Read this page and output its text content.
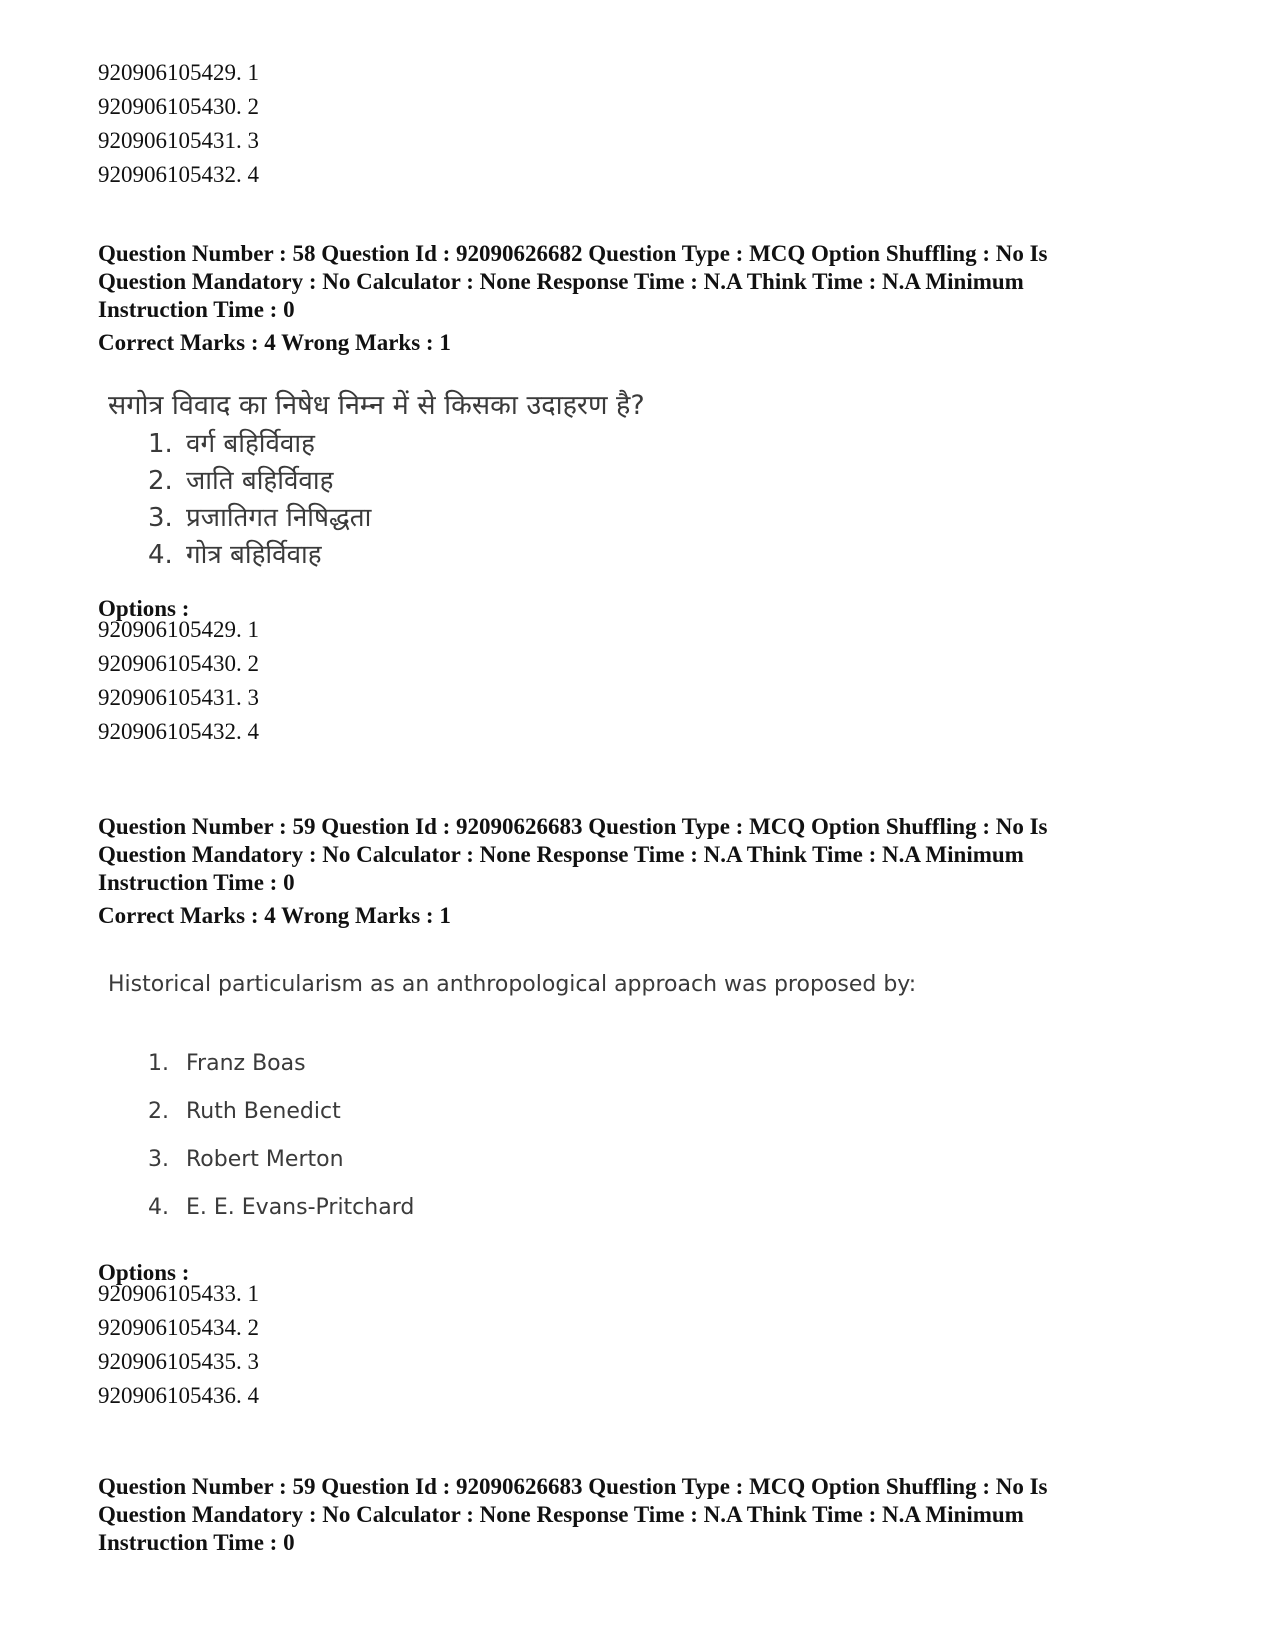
920906105429. 1
920906105430. 2
920906105431. 3
920906105432. 4
Question Number : 58 Question Id : 92090626682 Question Type : MCQ Option Shuffling : No Is
Question Mandatory : No Calculator : None Response Time : N.A Think Time : N.A Minimum
Instruction Time : 0
Correct Marks : 4 Wrong Marks : 1
सगोत्र विवाद का निषेध निम्न में से किसका उदाहरण है?
1. वर्ग बहिर्विवाह
2. जाति बहिर्विवाह
3. प्रजातिगत निषिद्धता
4. गोत्र बहिर्विवाह
Options :
920906105429. 1
920906105430. 2
920906105431. 3
920906105432. 4
Question Number : 59 Question Id : 92090626683 Question Type : MCQ Option Shuffling : No Is
Question Mandatory : No Calculator : None Response Time : N.A Think Time : N.A Minimum
Instruction Time : 0
Correct Marks : 4 Wrong Marks : 1
Historical particularism as an anthropological approach was proposed by:
1. Franz Boas
2. Ruth Benedict
3. Robert Merton
4. E. E. Evans-Pritchard
Options :
920906105433. 1
920906105434. 2
920906105435. 3
920906105436. 4
Question Number : 59 Question Id : 92090626683 Question Type : MCQ Option Shuffling : No Is
Question Mandatory : No Calculator : None Response Time : N.A Think Time : N.A Minimum
Instruction Time : 0
